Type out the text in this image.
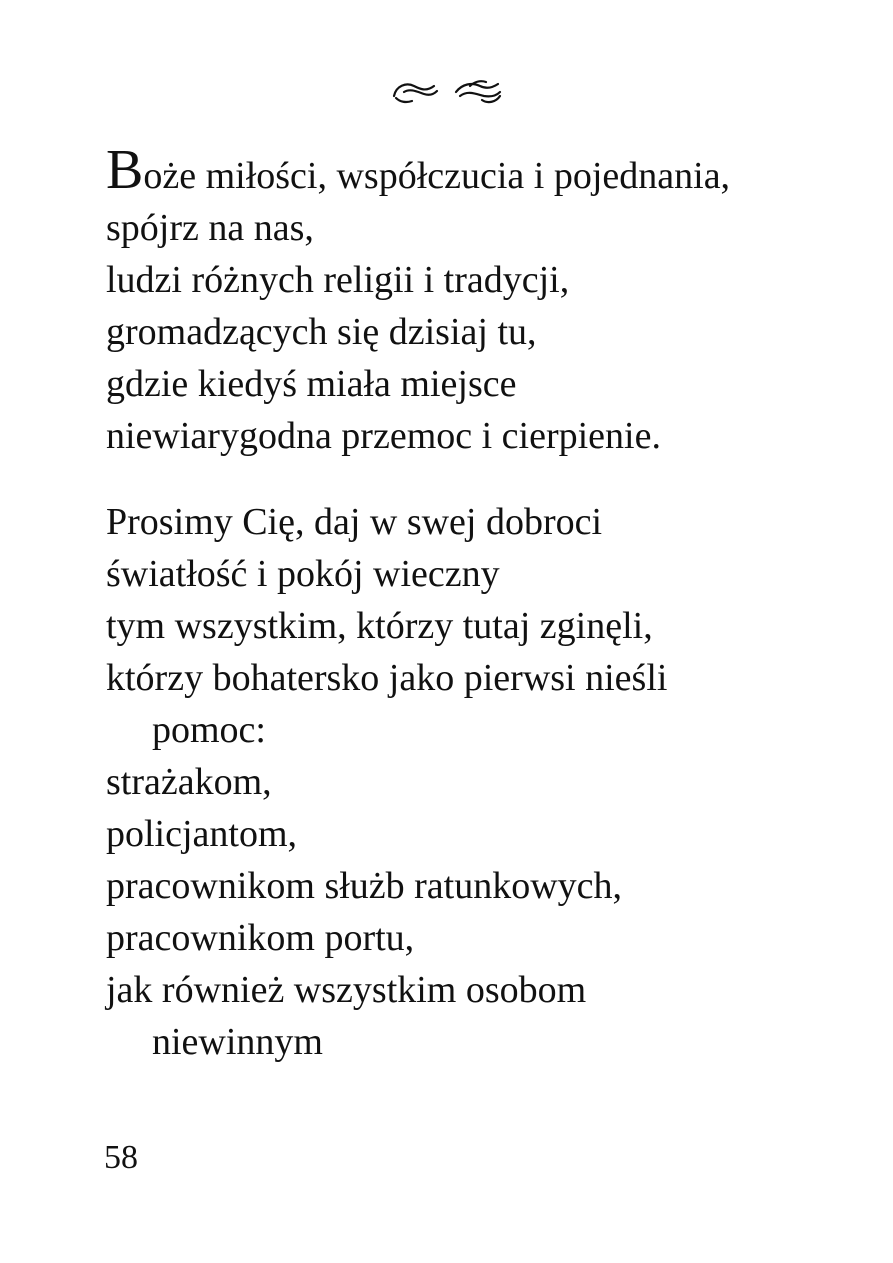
Boże miłości, współczucia i pojednania,
spójrz na nas,
ludzi różnych religii i tradycji,
gromadzących się dzisiaj tu,
gdzie kiedyś miała miejsce
niewiarygodna przemoc i cierpienie.
Prosimy Cię, daj w swej dobroci
światłość i pokój wieczny
tym wszystkim, którzy tutaj zginęli,
którzy bohatersko jako pierwsi nieśli
pomoc:
strażakom,
policjantom,
pracownikom służb ratunkowych,
pracownikom portu,
jak również wszystkim osobom
niewinnym
58
